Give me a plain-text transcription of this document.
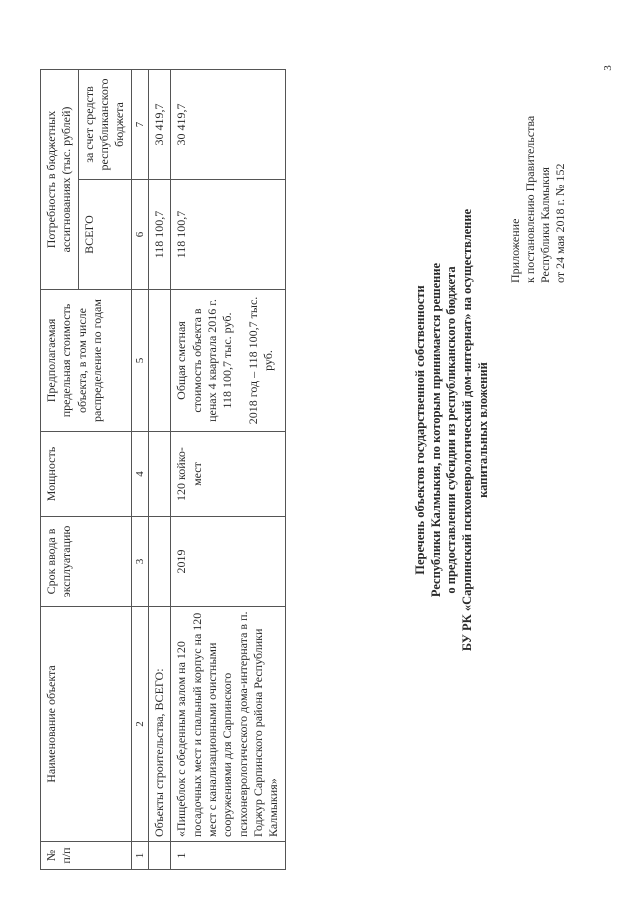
3
Приложение к постановлению Правительства Республики Калмыкия от 24 мая 2018 г. № 152
Перечень объектов государственной собственности Республики Калмыкия, по которым принимается решение о предоставлении субсидии из республиканского бюджета БУ РК «Сарпинский психоневрологический дом-интернат» на осуществление капитальных вложений
№ п/п	Наименование объекта	Срок ввода в эксплуатацию	Мощность	Предполагаемая предельная стоимость объекта, в том числе распределение по годам	Потребность в бюджетных ассигнованиях (тыс. рублей)	
					ВСЕГО	за счет средств республиканского бюджета
1	2	3	4	5	6	7
	Объекты строительства, ВСЕГО:				118 100,7	30 419,7
1	«Пищеблок с обеденным залом на 120 посадочных мест и спальный корпус на 120 мест с канализационными очистными сооружениями для Сарпинского психоневрологического дома-интерната в п. Годжур Сарпинского района Республики Калмыкия»	2019	120 койко-мест	Общая сметная стоимость объекта в ценах 4 квартала 2016 г. 118 100,7 тыс. руб. 2018 год – 118 100,7 тыс. руб.	118 100,7	30 419,7
